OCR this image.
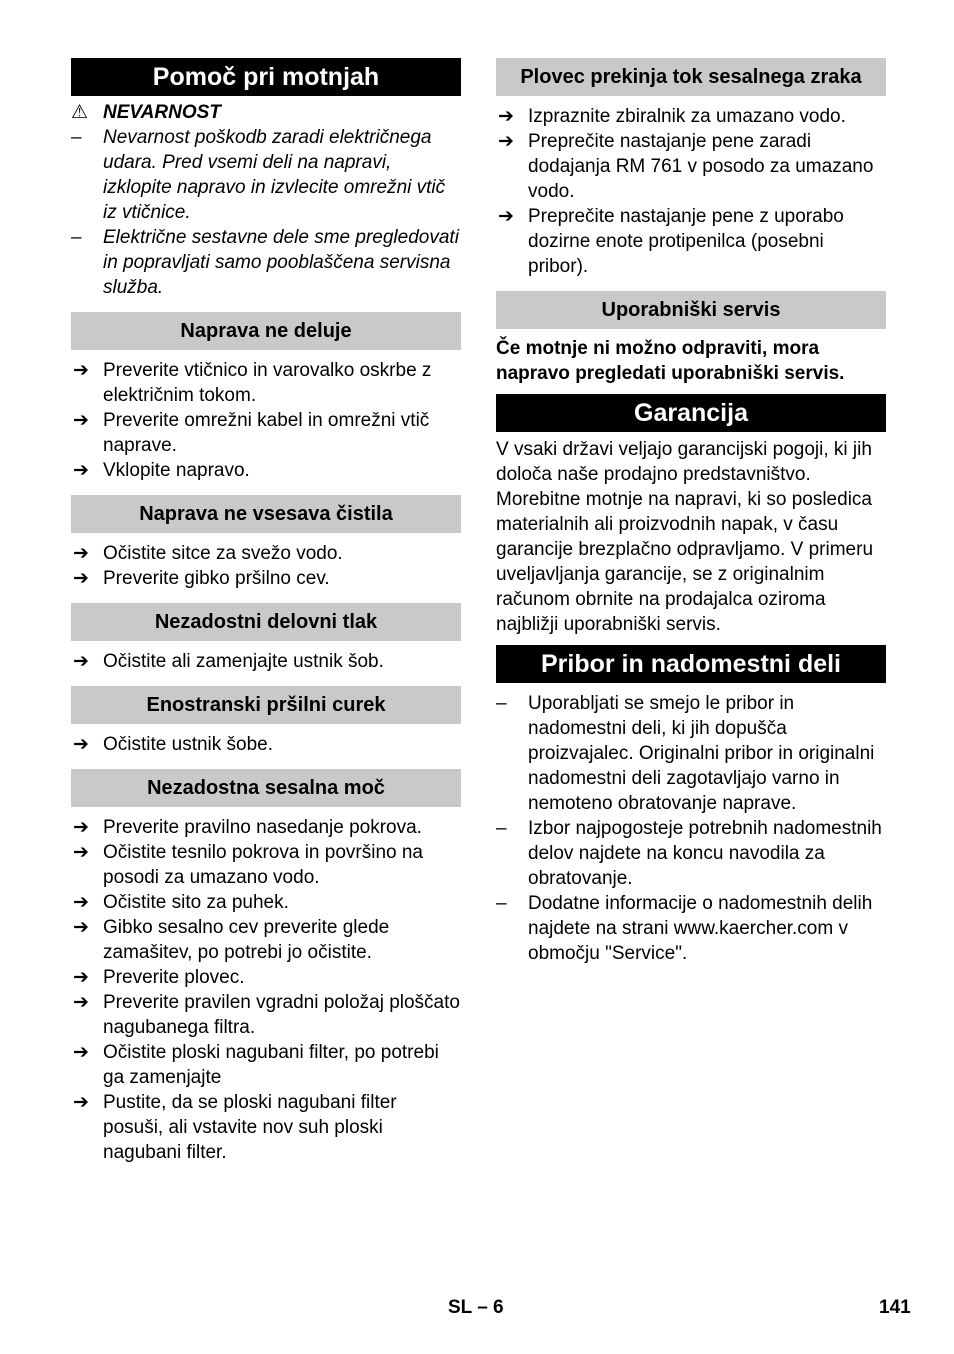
Pomoč pri motnjah
⚠ NEVARNOST
–	Nevarnost poškodb zaradi električnega udara. Pred vsemi deli na napravi, izklopite napravo in izvlecite omrežni vtič iz vtičnice.
–	Električne sestavne dele sme pregledovati in popravljati samo pooblaščena servisna služba.
Naprava ne deluje
➔ Preverite vtičnico in varovalko oskrbe z električnim tokom.
➔ Preverite omrežni kabel in omrežni vtič naprave.
➔ Vklopite napravo.
Naprava ne vsesava čistila
➔ Očistite sitce za svežo vodo.
➔ Preverite gibko pršilno cev.
Nezadostni delovni tlak
➔ Očistite ali zamenjajte ustnik šob.
Enostranski pršilni curek
➔ Očistite ustnik šobe.
Nezadostna sesalna moč
➔ Preverite pravilno nasedanje pokrova.
➔ Očistite tesnilo pokrova in površino na posodi za umazano vodo.
➔ Očistite sito za puhek.
➔ Gibko sesalno cev preverite glede zamašitev, po potrebi jo očistite.
➔ Preverite plovec.
➔ Preverite pravilen vgradni položaj ploščato nagubanega filtra.
➔ Očistite ploski nagubani filter, po potrebi ga zamenjajte
➔ Pustite, da se ploski nagubani filter posuši, ali vstavite nov suh ploski nagubani filter.
Plovec prekinja tok sesalnega zraka
➔ Izpraznite zbiralnik za umazano vodo.
➔ Preprečite nastajanje pene zaradi dodajanja RM 761 v posodo za umazano vodo.
➔ Preprečite nastajanje pene z uporabo dozirne enote protipenilca (posebni pribor).
Uporabniški servis
Če motnje ni možno odpraviti, mora napravo pregledati uporabniški servis.
Garancija
V vsaki državi veljajo garancijski pogoji, ki jih določa naše prodajno predstavništvo. Morebitne motnje na napravi, ki so posledica materialnih ali proizvodnih napak, v času garancije brezplačno odpravljamo. V primeru uveljavljanja garancije, se z originalnim računom obrnite na prodajalca oziroma najbližji uporabniški servis.
Pribor in nadomestni deli
–	Uporabljati se smejo le pribor in nadomestni deli, ki jih dopušča proizvajalec. Originalni pribor in originalni nadomestni deli zagotavljajo varno in nemoteno obratovanje naprave.
–	Izbor najpogosteje potrebnih nadomestnih delov najdete na koncu navodila za obratovanje.
–	Dodatne informacije o nadomestnih delih najdete na strani www.kaercher.com v območju "Service".
SL – 6	141
